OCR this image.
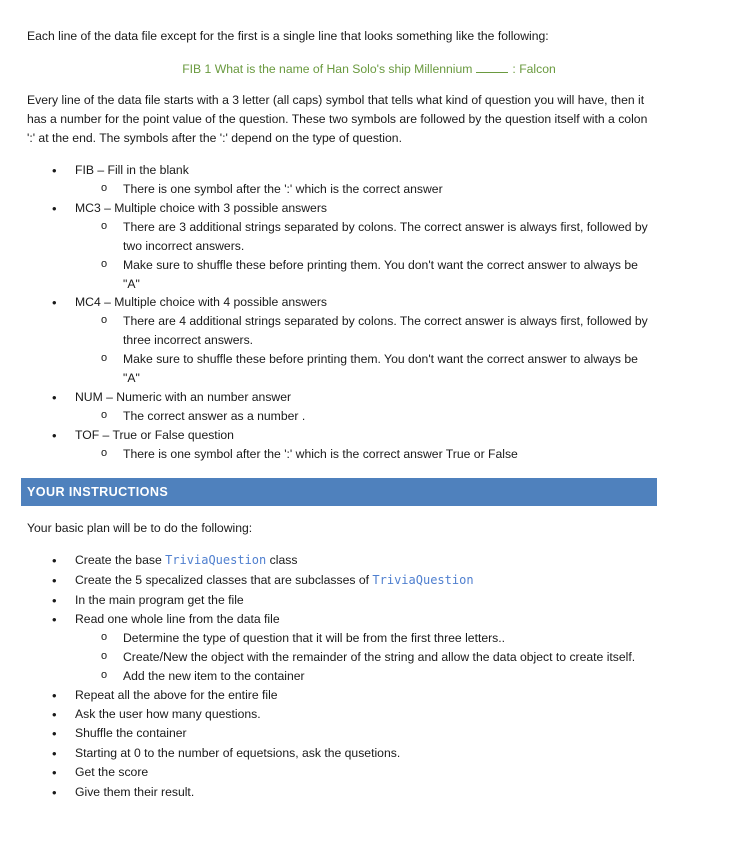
Each line of the data file except for the first is a single line that looks something like the following:

FIB 1 What is the name of Han Solo's ship Millennium	: Falcon

Every line of the data file starts with a 3 letter (all caps) symbol that tells what kind of question you will have, then it has a number for the point value of the question. These two symbols are followed by the question itself with a colon ':' at the end. The symbols after the ':' depend on the type of question.

• FIB – Fill in the blank
o There is one symbol after the ':' which is the correct answer
• MC3 – Multiple choice with 3 possible answers
o There are 3 additional strings separated by colons. The correct answer is always first, followed by two incorrect answers.
o Make sure to shuffle these before printing them. You don't want the correct answer to always be "A"
• MC4 – Multiple choice with 4 possible answers
o There are 4 additional strings separated by colons. The correct answer is always first, followed by three incorrect answers.
o Make sure to shuffle these before printing them. You don't want the correct answer to always be "A"
• NUM – Numeric with an number answer
o The correct answer as a number .
• TOF – True or False question
o There is one symbol after the ':' which is the correct answer True or False
YOUR INSTRUCTIONS

Your basic plan will be to do the following:

• Create the base TriviaQuestion class
• Create the 5 specalized classes that are subclasses of TriviaQuestion
• In the main program get the file
• Read one whole line from the data file
o Determine the type of question that it will be from the first three letters..
o Create/New the object with the remainder of the string and allow the data object to create itself.
o Add the new item to the container
• Repeat all the above for the entire file
• Ask the user how many questions.
• Shuffle the container
• Starting at 0 to the number of equetsions, ask the qusetions.
• Get the score
• Give them their result.
